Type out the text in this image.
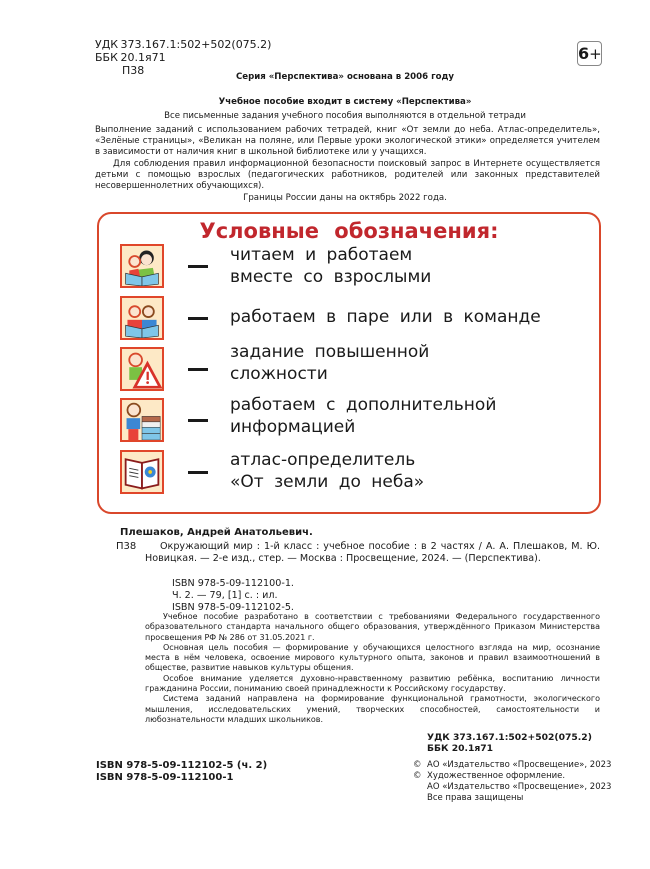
УДК 373.167.1:502+502(075.2)
ББК 20.1я71
П38
6+
Серия «Перспектива» основана в 2006 году
Учебное пособие входит в систему «Перспектива»
Все письменные задания учебного пособия выполняются в отдельной тетради
Выполнение заданий с использованием рабочих тетрадей, книг «От земли до неба. Атлас-определитель», «Зелёные страницы», «Великан на поляне, или Первые уроки экологической этики» определяется учителем в зависимости от наличия книг в школьной библиотеке или у учащихся.
Для соблюдения правил информационной безопасности поисковый запрос в Интернете осуществляется детьми с помощью взрослых (педагогических работников, родителей или законных представителей несовершеннолетних обучающихся).
Границы России даны на октябрь 2022 года.
Условные обозначения:
читаем и работаем
вместе со взрослыми
работаем в паре или в команде
задание повышенной
сложности
работаем с дополнительной
информацией
атлас-определитель
«От земли до неба»
Плешаков, Андрей Анатольевич.
П38	Окружающий мир : 1-й класс : учебное пособие : в 2 частях / А. А. Плешаков, М. Ю. Новицкая. — 2-е изд., стер. — Москва : Просвещение, 2024. — (Перспектива).
ISBN 978-5-09-112100-1.
Ч. 2. — 79, [1] с. : ил.
ISBN 978-5-09-112102-5.

Учебное пособие разработано в соответствии с требованиями Федерального государственного образовательного стандарта начального общего образования, утверждённого Приказом Министерства просвещения РФ № 286 от 31.05.2021 г.

Основная цель пособия — формирование у обучающихся целостного взгляда на мир, осознание места в нём человека, освоение мирового культурного опыта, законов и правил взаимоотношений в обществе, развитие навыков культуры общения.

Особое внимание уделяется духовно-нравственному развитию ребёнка, воспитанию личности гражданина России, пониманию своей принадлежности к Российскому государству.

Система заданий направлена на формирование функциональной грамотности, экологического мышления, исследовательских умений, творческих способностей, самостоятельности и любознательности младших школьников.

УДК 373.167.1:502+502(075.2)
ББК 20.1я71
ISBN 978-5-09-112102-5 (ч. 2)
ISBN 978-5-09-112100-1
© АО «Издательство «Просвещение», 2023
© Художественное оформление.
АО «Издательство «Просвещение», 2023
Все права защищены
